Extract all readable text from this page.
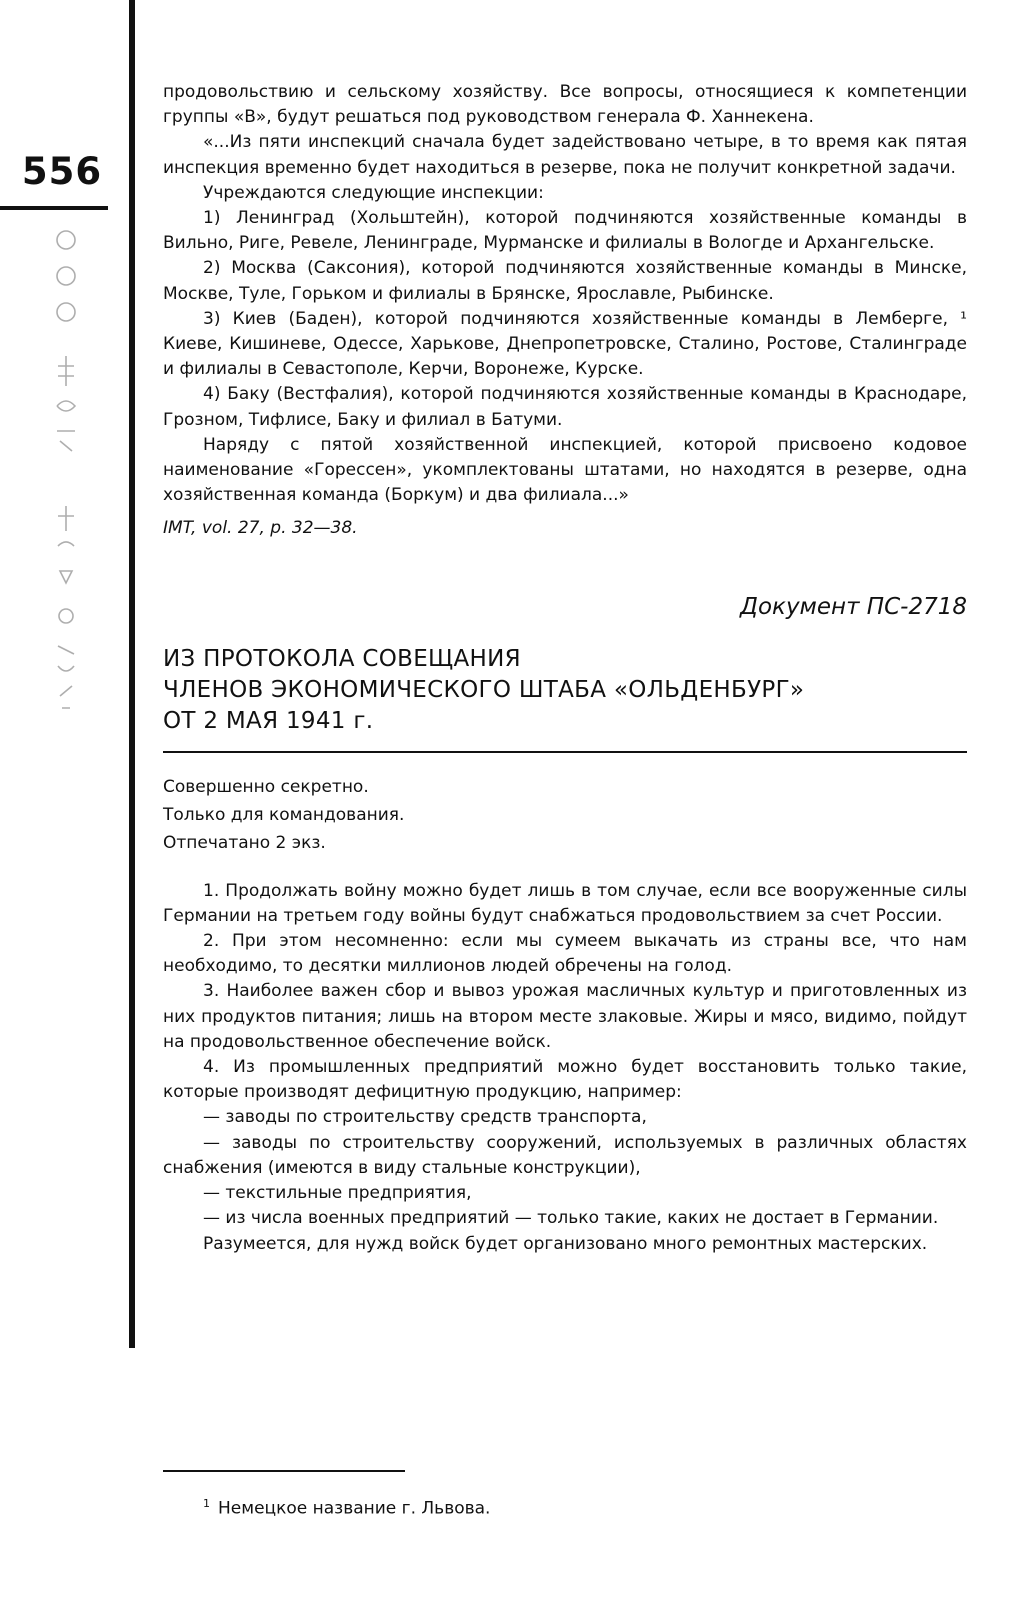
556

продовольствию и сельскому хозяйству. Все вопросы, относящиеся к компетенции группы «В», будут решаться под руководством генерала Ф. Ханнекена.

«...Из пяти инспекций сначала будет задействовано четыре, в то время как пятая инспекция временно будет находиться в резерве, пока не получит конкретной задачи.

Учреждаются следующие инспекции:

1) Ленинград (Хольштейн), которой подчиняются хозяйственные команды в Вильно, Риге, Ревеле, Ленинграде, Мурманске и филиалы в Вологде и Архангельске.

2) Москва (Саксония), которой подчиняются хозяйственные команды в Минске, Москве, Туле, Горьком и филиалы в Брянске, Ярославле, Рыбинске.

3) Киев (Баден), которой подчиняются хозяйственные команды в Лемберге, ¹ Киеве, Кишиневе, Одессе, Харькове, Днепропетровске, Сталино, Ростове, Сталинграде и филиалы в Севастополе, Керчи, Воронеже, Курске.

4) Баку (Вестфалия), которой подчиняются хозяйственные команды в Краснодаре, Грозном, Тифлисе, Баку и филиал в Батуми.

Наряду с пятой хозяйственной инспекцией, которой присвоено кодовое наименование «Горессен», укомплектованы штатами, но находятся в резерве, одна хозяйственная команда (Боркум) и два филиала...»

IMT, vol. 27, p. 32—38.

Документ ПС-2718

ИЗ ПРОТОКОЛА СОВЕЩАНИЯ
ЧЛЕНОВ ЭКОНОМИЧЕСКОГО ШТАБА «ОЛЬДЕНБУРГ»
ОТ 2 МАЯ 1941 г.

Совершенно секретно.

Только для командования.

Отпечатано 2 экз.

1. Продолжать войну можно будет лишь в том случае, если все вооруженные силы Германии на третьем году войны будут снабжаться продовольствием за счет России.

2. При этом несомненно: если мы сумеем выкачать из страны все, что нам необходимо, то десятки миллионов людей обречены на голод.

3. Наиболее важен сбор и вывоз урожая масличных культур и приготовленных из них продуктов питания; лишь на втором месте злаковые. Жиры и мясо, видимо, пойдут на продовольственное обеспечение войск.

4. Из промышленных предприятий можно будет восстановить только такие, которые производят дефицитную продукцию, например:

— заводы по строительству средств транспорта,

— заводы по строительству сооружений, используемых в различных областях снабжения (имеются в виду стальные конструкции),

— текстильные предприятия,

— из числа военных предприятий — только такие, каких не достает в Германии.

Разумеется, для нужд войск будет организовано много ремонтных мастерских.

$^1$ Немецкое название г. Львова.
